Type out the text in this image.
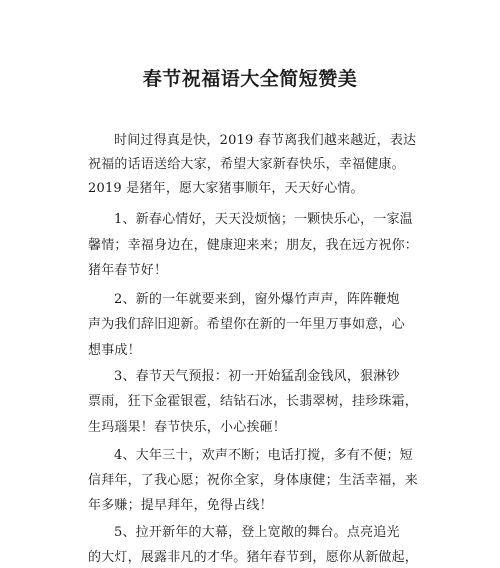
春节祝福语大全简短赞美
时间过得真是快，2019 春节离我们越来越近，表达
祝福的话语送给大家，希望大家新春快乐，幸福健康。
2019 是猪年，愿大家猪事顺年，天天好心情。
1、新春心情好，天天没烦恼；一颗快乐心，一家温
馨情；幸福身边在，健康迎来来；朋友，我在远方祝你：
猪年春节好！
2、新的一年就要来到，窗外爆竹声声，阵阵鞭炮
声为我们辞旧迎新。希望你在新的一年里万事如意，心
想事成！
3、春节天气预报：初一开始猛刮金钱风，狠淋钞
票雨，狂下金霍银雹，结钻石冰，长翡翠树，挂珍珠霜，
生玛瑙果！春节快乐，小心挨砸！
4、大年三十，欢声不断；电话打搅，多有不便；短
信拜年，了我心愿；祝你全家，身体康健；生活幸福，来
年多赚；提早拜年，免得占线！
5、拉开新年的大幕，登上宽敞的舞台。点亮追光
的大灯，展露非凡的才华。猪年春节到，愿你从新做起，
